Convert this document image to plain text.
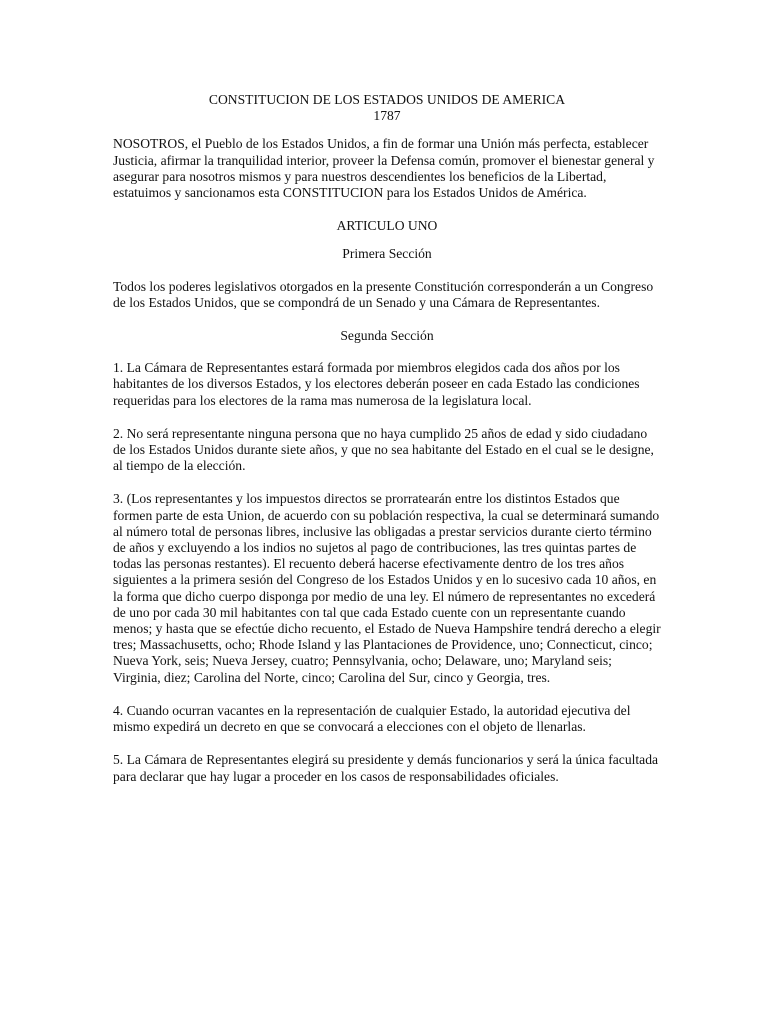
CONSTITUCION DE LOS ESTADOS UNIDOS DE AMERICA
1787

NOSOTROS, el Pueblo de los Estados Unidos, a fin de formar una Unión más perfecta, establecer Justicia, afirmar la tranquilidad interior, proveer la Defensa común, promover el bienestar general y asegurar para nosotros mismos y para nuestros descendientes los beneficios de la Libertad, estatuimos y sancionamos esta CONSTITUCION para los Estados Unidos de América.

ARTICULO UNO
Primera Sección

Todos los poderes legislativos otorgados en la presente Constitución corresponderán a un Congreso de los Estados Unidos, que se compondrá de un Senado y una Cámara de Representantes.

Segunda Sección

1. La Cámara de Representantes estará formada por miembros elegidos cada dos años por los habitantes de los diversos Estados, y los electores deberán poseer en cada Estado las condiciones requeridas para los electores de la rama mas numerosa de la legislatura local.

2. No será representante ninguna persona que no haya cumplido 25 años de edad y sido ciudadano de los Estados Unidos durante siete años, y que no sea habitante del Estado en el cual se le designe, al tiempo de la elección.

3. (Los representantes y los impuestos directos se prorratearán entre los distintos Estados que formen parte de esta Union, de acuerdo con su población respectiva, la cual se determinará sumando al número total de personas libres, inclusive las obligadas a prestar servicios durante cierto término de años y excluyendo a los indios no sujetos al pago de contribuciones, las tres quintas partes de todas las personas restantes). El recuento deberá hacerse efectivamente dentro de los tres años siguientes a la primera sesión del Congreso de los Estados Unidos y en lo sucesivo cada 10 años, en la forma que dicho cuerpo disponga por medio de una ley. El número de representantes no excederá de uno por cada 30 mil habitantes con tal que cada Estado cuente con un representante cuando menos; y hasta que se efectúe dicho recuento, el Estado de Nueva Hampshire tendrá derecho a elegir tres; Massachusetts, ocho; Rhode Island y las Plantaciones de Providence, uno; Connecticut, cinco; Nueva York, seis; Nueva Jersey, cuatro; Pennsylvania, ocho; Delaware, uno; Maryland seis; Virginia, diez; Carolina del Norte, cinco; Carolina del Sur, cinco y Georgia, tres.

4. Cuando ocurran vacantes en la representación de cualquier Estado, la autoridad ejecutiva del mismo expedirá un decreto en que se convocará a elecciones con el objeto de llenarlas.

5. La Cámara de Representantes elegirá su presidente y demás funcionarios y será la única facultada para declarar que hay lugar a proceder en los casos de responsabilidades oficiales.
